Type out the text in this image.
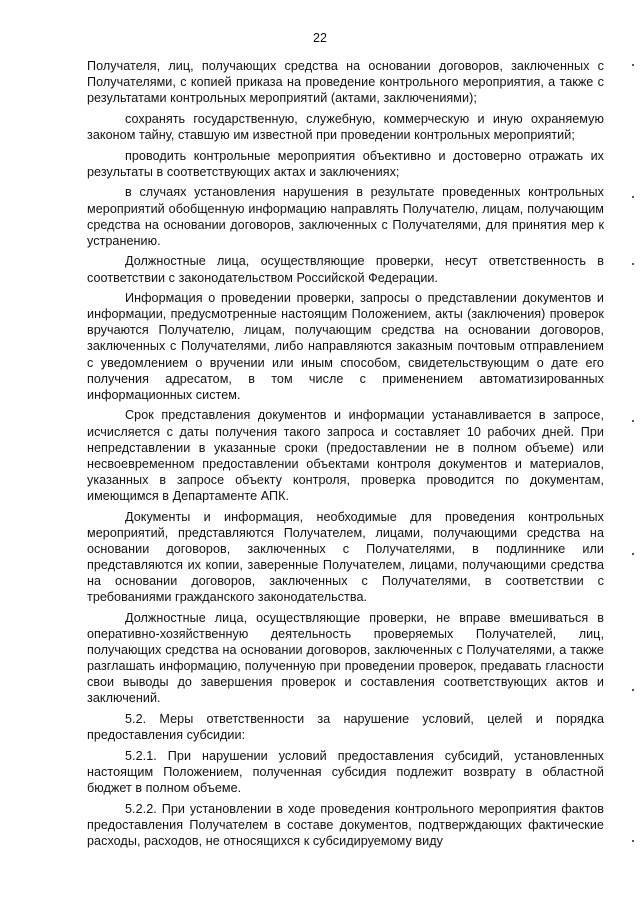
22

Получателя, лиц, получающих средства на основании договоров, заключенных с Получателями, с копией приказа на проведение контрольного мероприятия, а также с результатами контрольных мероприятий (актами, заключениями);

сохранять государственную, служебную, коммерческую и иную охраняемую законом тайну, ставшую им известной при проведении контрольных мероприятий;

проводить контрольные мероприятия объективно и достоверно отражать их результаты в соответствующих актах и заключениях;

в случаях установления нарушения в результате проведенных контрольных мероприятий обобщенную информацию направлять Получателю, лицам, получающим средства на основании договоров, заключенных с Получателями, для принятия мер к устранению.

Должностные лица, осуществляющие проверки, несут ответственность в соответствии с законодательством Российской Федерации.

Информация о проведении проверки, запросы о представлении документов и информации, предусмотренные настоящим Положением, акты (заключения) проверок вручаются Получателю, лицам, получающим средства на основании договоров, заключенных с Получателями, либо направляются заказным почтовым отправлением с уведомлением о вручении или иным способом, свидетельствующим о дате его получения адресатом, в том числе с применением автоматизированных информационных систем.

Срок представления документов и информации устанавливается в запросе, исчисляется с даты получения такого запроса и составляет 10 рабочих дней. При непредставлении в указанные сроки (предоставлении не в полном объеме) или несвоевременном предоставлении объектами контроля документов и материалов, указанных в запросе объекту контроля, проверка проводится по документам, имеющимся в Департаменте АПК.

Документы и информация, необходимые для проведения контрольных мероприятий, представляются Получателем, лицами, получающими средства на основании договоров, заключенных с Получателями, в подлиннике или представляются их копии, заверенные Получателем, лицами, получающими средства на основании договоров, заключенных с Получателями, в соответствии с требованиями гражданского законодательства.

Должностные лица, осуществляющие проверки, не вправе вмешиваться в оперативно-хозяйственную деятельность проверяемых Получателей, лиц, получающих средства на основании договоров, заключенных с Получателями, а также разглашать информацию, полученную при проведении проверок, предавать гласности свои выводы до завершения проверок и составления соответствующих актов и заключений.

5.2. Меры ответственности за нарушение условий, целей и порядка предоставления субсидии:

5.2.1. При нарушении условий предоставления субсидий, установленных настоящим Положением, полученная субсидия подлежит возврату в областной бюджет в полном объеме.

5.2.2. При установлении в ходе проведения контрольного мероприятия фактов предоставления Получателем в составе документов, подтверждающих фактические расходы, расходов, не относящихся к субсидируемому виду
